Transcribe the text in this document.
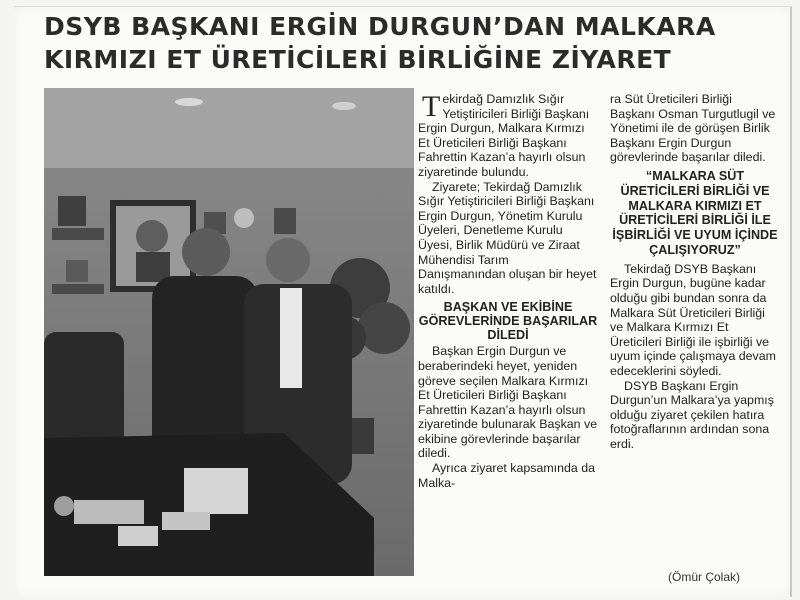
DSYB BAŞKANI ERGİN DURGUN’DAN MALKARA KIRMIZI ET ÜRETİCİLERİ BİRLİĞİNE ZİYARET
T ekirdağ Damızlık Sığır Yetiştiricileri Birliği Başkanı Ergin Durgun, Malkara Kırmızı Et Üreticileri Birliği Başkanı Fahrettin Kazan’a hayırlı olsun ziyaretinde bulundu.

Ziyarete; Tekirdağ Damızlık Sığır Yetiştiricileri Birliği Başkanı Ergin Durgun, Yönetim Kurulu Üyeleri, Denetleme Kurulu Üyesi, Birlik Müdürü ve Ziraat Mühendisi Tarım Danışmanından oluşan bir heyet katıldı.

BAŞKAN VE EKİBİNE GÖREVLERİNDE BAŞARILAR DİLEDİ

Başkan Ergin Durgun ve beraberindeki heyet, yeniden göreve seçilen Malkara Kırmızı Et Üreticileri Birliği Başkanı Fahrettin Kazan’a hayırlı olsun ziyaretinde bulunarak Başkan ve ekibine görevlerinde başarılar diledi.

Ayrıca ziyaret kapsamında da Malka-

ra Süt Üreticileri Birliği Başkanı Osman Turgutlugil ve Yönetimi ile de görüşen Birlik Başkanı Ergin Durgun görevlerinde başarılar diledi.

“MALKARA SÜT ÜRETİCİLERİ BİRLİĞİ VE MALKARA KIRMIZI ET ÜRETİCİLERİ BİRLİĞİ İLE İŞBİRLİĞİ VE UYUM İÇİNDE ÇALIŞIYORUZ”

Tekirdağ DSYB Başkanı Ergin Durgun, bugüne kadar olduğu gibi bundan sonra da Malkara Süt Üreticileri Birliği ve Malkara Kırmızı Et Üreticileri Birliği ile işbirliği ve uyum içinde çalışmaya devam edeceklerini söyledi.

DSYB Başkanı Ergin Durgun’un Malkara’ya yapmış olduğu ziyaret çekilen hatıra fotoğraflarının ardından sona erdi.

(Ömür Çolak)
